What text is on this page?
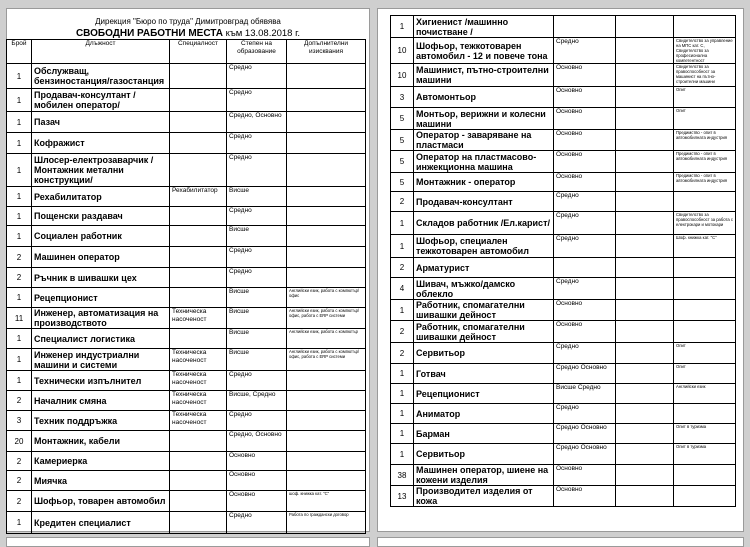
Дирекция "Бюро по труда" Димитровград обявява
СВОБОДНИ РАБОТНИ МЕСТА към 13.08.2018 г.
Брой	Длъжност	Специалност	Степен на образование	Допълнителни изисквания
1	Обслужващ, бензиностанция/газостанция		Средно	
1	Продавач-консултант /мобилен оператор/		Средно	
1	Пазач		Средно, Основно	
1	Кофражист		Средно	
1	Шлосер-електрозаварчик /Монтажник метални конструкции/		Средно	
1	Рехабилитатор	Рехабилитатор	Висше	
1	Пощенски раздавач		Средно	
1	Социален работник		Висше	
2	Машинен оператор		Средно	
2	Ръчник в шивашки цех		Средно	
1	Рецепционист		Висше	Английски език, работа с компютър/офис
11	Инженер, автоматизация на производството	Техническа насоченост	Висше	Английски език, работа с компютър/офис, работа с ERP системи
1	Специалист логистика		Висше	Английски език, работа с компютър
1	Инженер индустриални машини и системи	Техническа насоченост	Висше	Английски език, работа с компютър/офис, работа с ERP системи
1	Технически изпълнител	Техническа насоченост	Средно	
2	Началник смяна	Техническа насоченост	Висше, Средно	
3	Техник поддръжка	Техническа насоченост	Средно	
20	Монтажник, кабели		Средно, Основно	
2	Камериерка		Основно	
2	Миячка		Основно	
2	Шофьор, товарен автомобил		Основно	шоф. книжка кат. "С"
1	Кредитен специалист		Средно	Работа по граждански договор
1	Хигиенист /машинно почистване /			
10	Шофьор, тежкотоварен автомобил - 12 и повече тона	Средно		Свидетелство за управление на МПС кат. С, Свидетелство за професионална компетентност
10	Машинист, пътно-строителни машини	Основно		Свидетелство за правоспособност за машинист на пътно-строителни машини
3	Автомонтьор	Основно		Опит
5	Монтьор, верижни и колесни машини	Основно		Опит
5	Оператор - заваряване на пластмаси	Основно		Предимство - опит в автомобилната индустрия
5	Оператор на пластмасово-инжекционна машина	Основно		Предимство - опит в автомобилната индустрия
5	Монтажник - оператор	Основно		Предимство - опит в автомобилната индустрия
2	Продавач-консултант	Средно		
1	Складов работник /Ел.карист/	Средно		Свидетелство за правоспособност за работа с електрокари и мотокари
1	Шофьор, специален тежкотоварен автомобил	Средно		Шоф. книжка кат. "С"
2	Арматурист			
4	Шивач, мъжко/дамско облекло	Средно		
1	Работник, спомагателни шивашки дейност	Основно		
2	Работник, спомагателни шивашки дейност	Основно		
2	Сервитьор	Средно		Опит
1	Готвач	Средно Основно		Опит
1	Рецепционист	Висше Средно		Английски език
1	Аниматор	Средно		
1	Барман	Средно Основно		Опит в туризма
1	Сервитьор	Средно Основно		Опит в туризма
38	Машинен оператор, шиене на кожени изделия	Основно		
13	Производител изделия от кожа	Основно		
